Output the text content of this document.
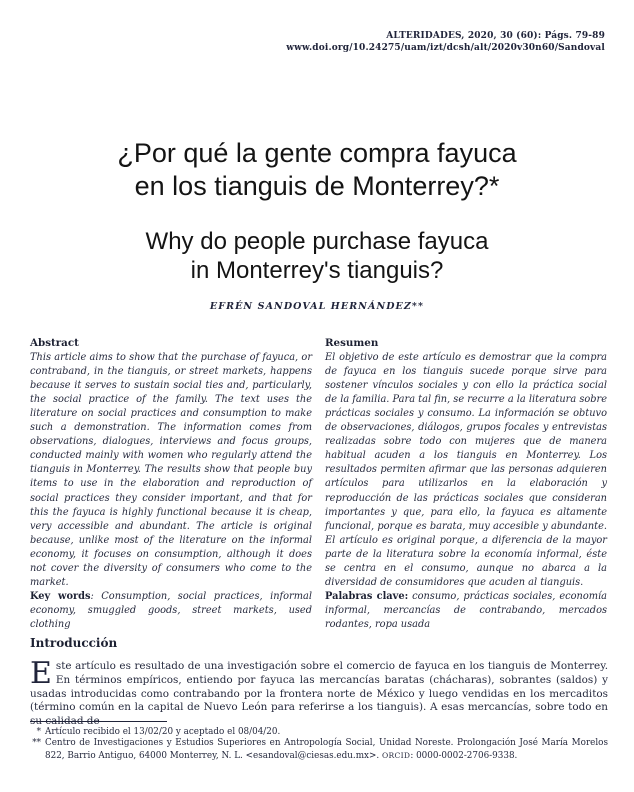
ALTERIDADES, 2020, 30 (60): Págs. 79-89
www.doi.org/10.24275/uam/izt/dcsh/alt/2020v30n60/Sandoval
¿Por qué la gente compra fayuca
en los tianguis de Monterrey?*
Why do people purchase fayuca
in Monterrey's tianguis?
EFRÉN SANDOVAL HERNÁNDEZ**

Abstract

This article aims to show that the purchase of fayuca, or contraband, in the tianguis, or street markets, happens because it serves to sustain social ties and, particularly, the social practice of the family. The text uses the literature on social practices and consumption to make such a demonstration. The information comes from observations, dialogues, interviews and focus groups, conducted mainly with women who regularly attend the tianguis in Monterrey. The results show that people buy items to use in the elaboration and reproduction of social practices they consider important, and that for this the fayuca is highly functional because it is cheap, very accessible and abundant. The article is original because, unlike most of the literature on the informal economy, it focuses on consumption, although it does not cover the diversity of consumers who come to the market.
Key words: Consumption, social practices, informal economy, smuggled goods, street markets, used clothing

Resumen

El objetivo de este artículo es demostrar que la compra de fayuca en los tianguis sucede porque sirve para sostener vínculos sociales y con ello la práctica social de la familia. Para tal fin, se recurre a la literatura sobre prácticas sociales y consumo. La información se obtuvo de observaciones, diálogos, grupos focales y entrevistas realizadas sobre todo con mujeres que de manera habitual acuden a los tianguis en Monterrey. Los resultados permiten afirmar que las personas adquieren artículos para utilizarlos en la elaboración y reproducción de las prácticas sociales que consideran importantes y que, para ello, la fayuca es altamente funcional, porque es barata, muy accesible y abundante. El artículo es original porque, a diferencia de la mayor parte de la literatura sobre la economía informal, éste se centra en el consumo, aunque no abarca a la diversidad de consumidores que acuden al tianguis.
Palabras clave: consumo, prácticas sociales, economía informal, mercancías de contrabando, mercados rodantes, ropa usada

Introducción
Este artículo es resultado de una investigación sobre el comercio de fayuca en los tianguis de Monterrey. En términos empíricos, entiendo por fayuca las mercancías baratas (chácharas), sobrantes (saldos) y usadas introducidas como contrabando por la frontera norte de México y luego vendidas en los mercaditos (término común en la capital de Nuevo León para referirse a los tianguis). A esas mercancías, sobre todo en su calidad de
* Artículo recibido el 13/02/20 y aceptado el 08/04/20.
** Centro de Investigaciones y Estudios Superiores en Antropología Social, Unidad Noreste. Prolongación José María Morelos 822, Barrio Antiguo, 64000 Monterrey, N. L. <esandoval@ciesas.edu.mx>. ORCID: 0000-0002-2706-9338.
